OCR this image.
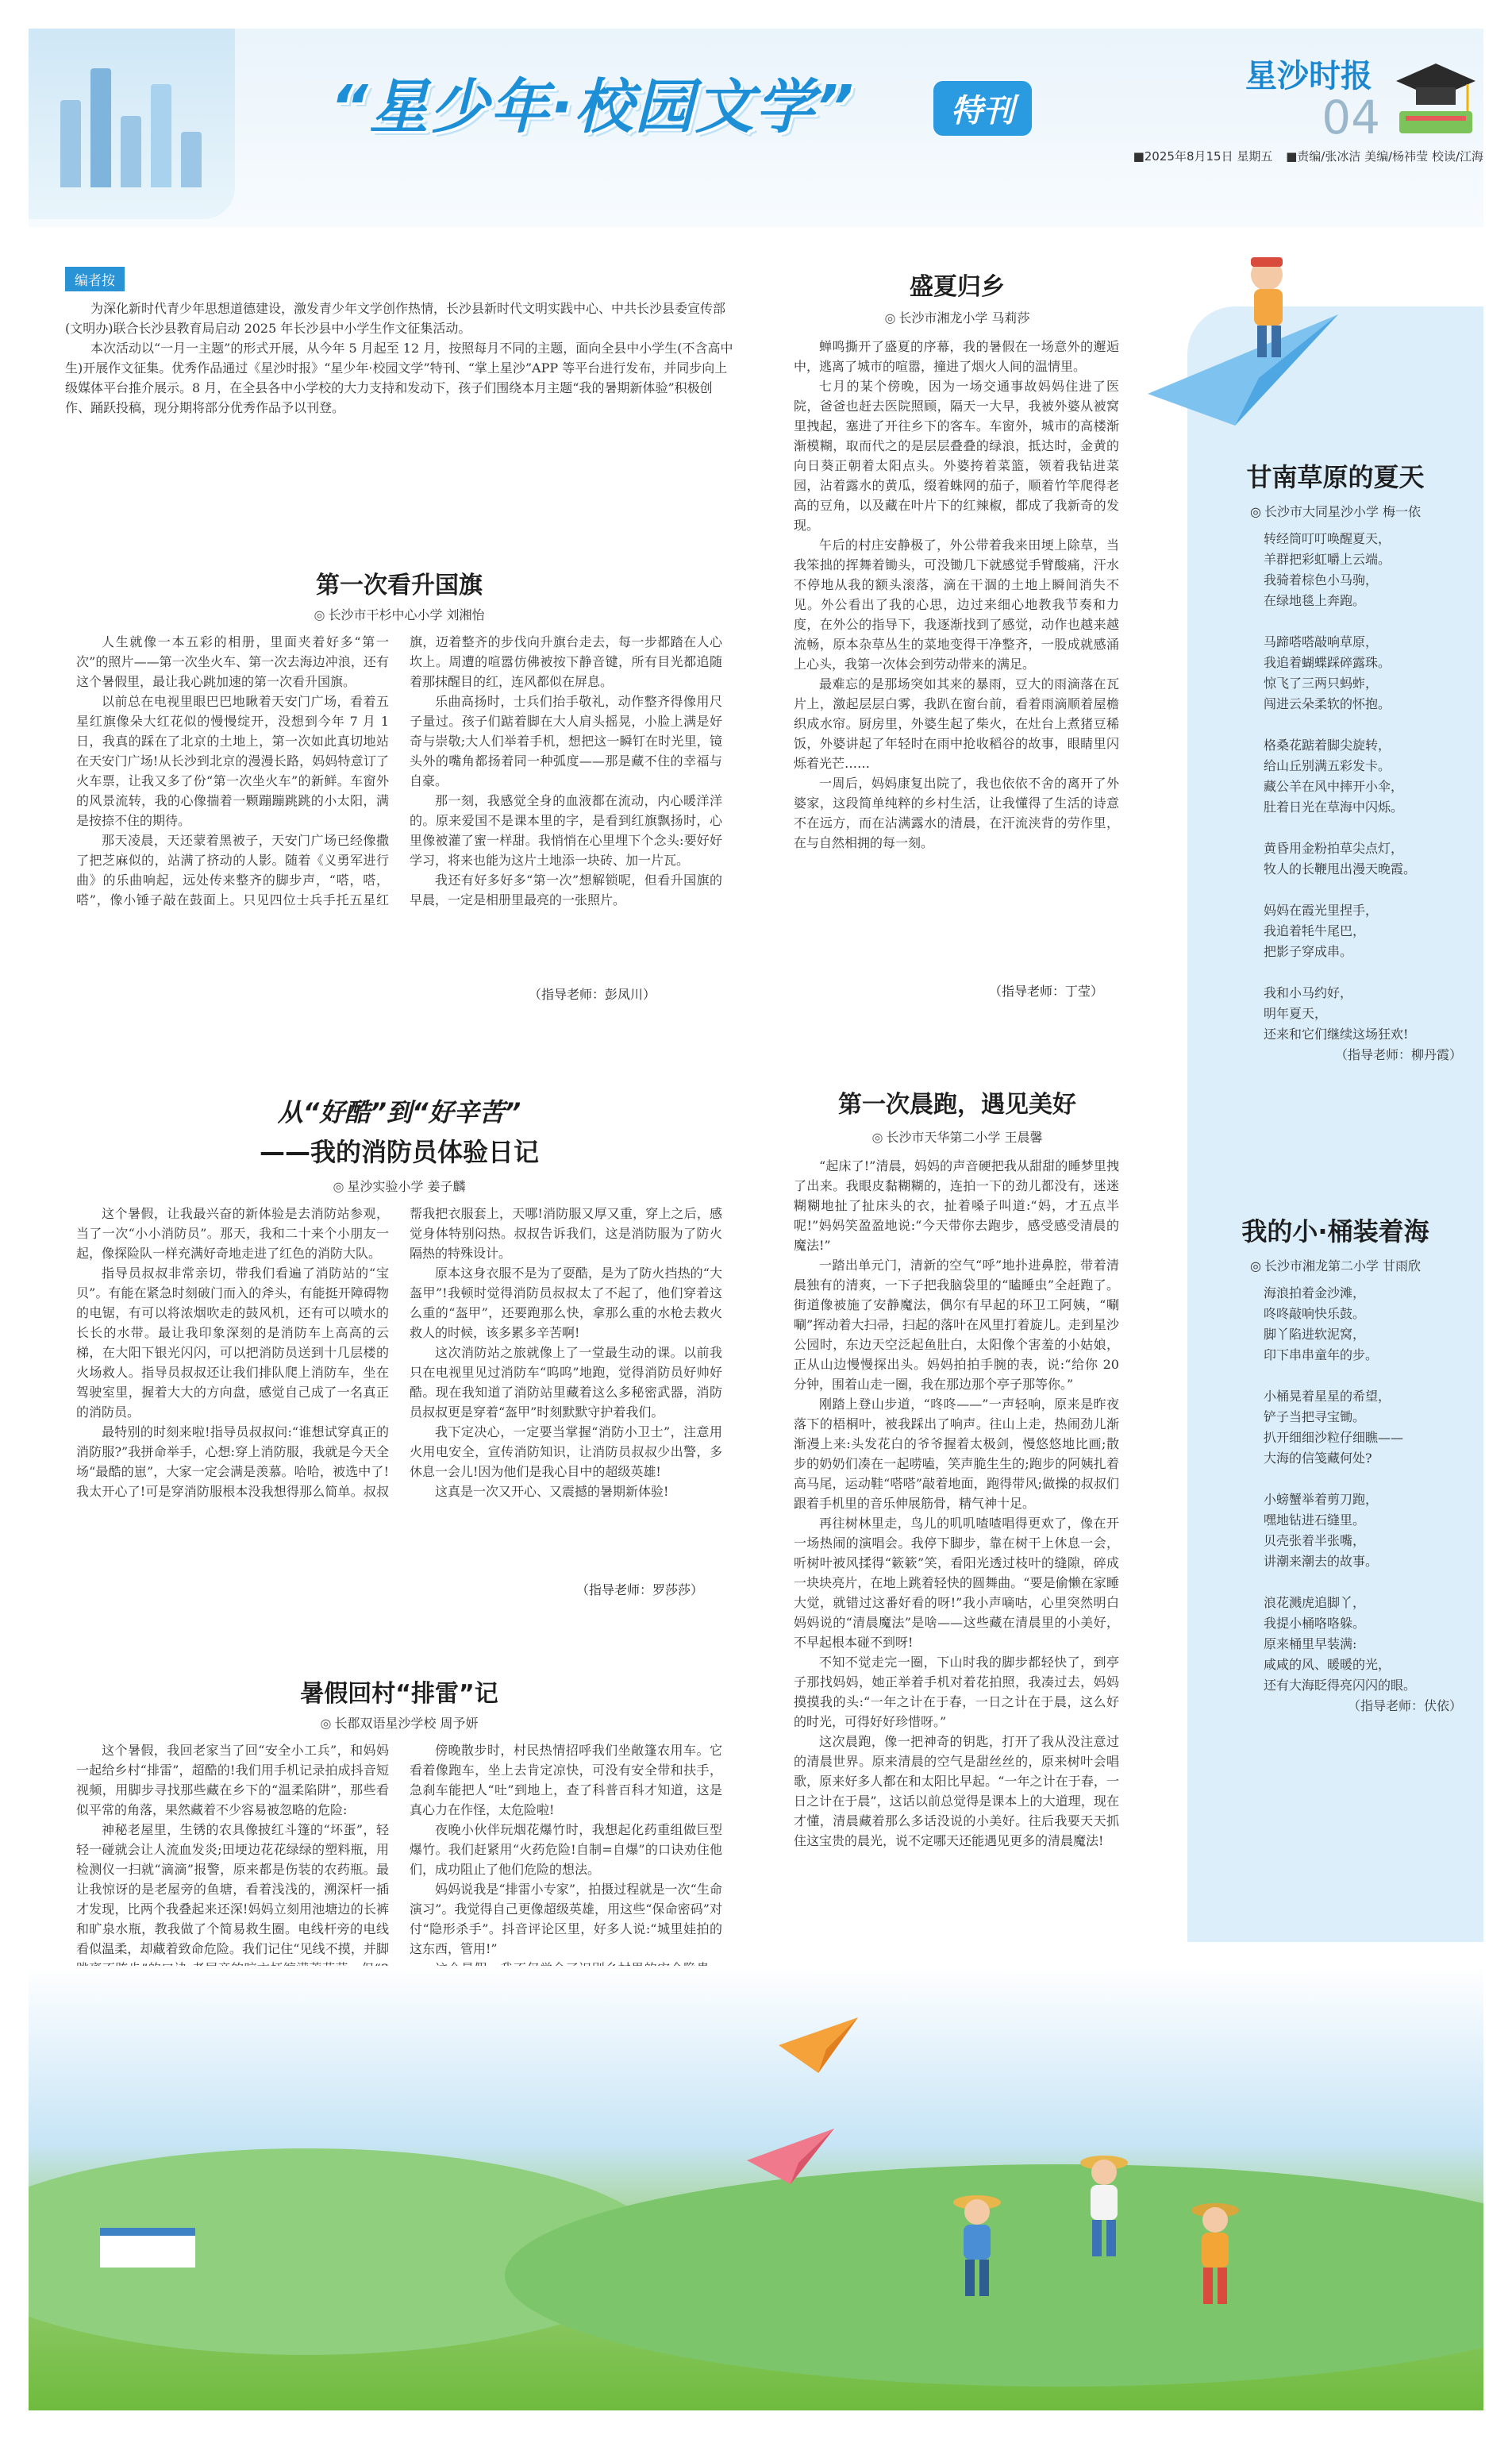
“星少年·校园文学”	特刊
星沙时报
04
■2025年8月15日 星期五 ■责编/张冰洁 美编/杨祎莹 校读/江海
编者按

为深化新时代青少年思想道德建设，激发青少年文学创作热情，长沙县新时代文明实践中心、中共长沙县委宣传部(文明办)联合长沙县教育局启动 2025 年长沙县中小学生作文征集活动。

本次活动以“一月一主题”的形式开展，从今年 5 月起至 12 月，按照每月不同的主题，面向全县中小学生(不含高中生)开展作文征集。优秀作品通过《星沙时报》“星少年·校园文学”特刊、“掌上星沙”APP 等平台进行发布，并同步向上级媒体平台推介展示。8 月，在全县各中小学校的大力支持和发动下，孩子们围绕本月主题“我的暑期新体验”积极创作、踊跃投稿，现分期将部分优秀作品予以刊登。

第一次看升国旗
◎ 长沙市干杉中心小学 刘湘怡

人生就像一本五彩的相册，里面夹着好多“第一次”的照片——第一次坐火车、第一次去海边冲浪，还有这个暑假里，最让我心跳加速的第一次看升国旗。

以前总在电视里眼巴巴地瞅着天安门广场，看着五星红旗像朵大红花似的慢慢绽开，没想到今年 7 月 1 日，我真的踩在了北京的土地上，第一次如此真切地站在天安门广场!从长沙到北京的漫漫长路，妈妈特意订了火车票，让我又多了份“第一次坐火车”的新鲜。车窗外的风景流转，我的心像揣着一颗蹦蹦跳跳的小太阳，满是按捺不住的期待。

那天凌晨，天还蒙着黑被子，天安门广场已经像撒了把芝麻似的，站满了挤动的人影。随着《义勇军进行曲》的乐曲响起，远处传来整齐的脚步声，“嗒，嗒，嗒”，像小锤子敲在鼓面上。只见四位士兵手托五星红旗，迈着整齐的步伐向升旗台走去，每一步都踏在人心坎上。周遭的喧嚣仿佛被按下静音键，所有目光都追随着那抹醒目的红，连风都似在屏息。

乐曲高扬时，士兵们抬手敬礼，动作整齐得像用尺子量过。孩子们踮着脚在大人肩头摇晃，小脸上满是好奇与崇敬;大人们举着手机，想把这一瞬钉在时光里，镜头外的嘴角都扬着同一种弧度——那是藏不住的幸福与自豪。

那一刻，我感觉全身的血液都在流动，内心暖洋洋的。原来爱国不是课本里的字，是看到红旗飘扬时，心里像被灌了蜜一样甜。我悄悄在心里埋下个念头:要好好学习，将来也能为这片土地添一块砖、加一片瓦。

我还有好多好多“第一次”想解锁呢，但看升国旗的早晨，一定是相册里最亮的一张照片。

（指导老师：彭凤川）
从“好酷”到“好辛苦”
——我的消防员体验日记
◎ 星沙实验小学 姜子麟

这个暑假，让我最兴奋的新体验是去消防站参观，当了一次“小小消防员”。那天，我和二十来个小朋友一起，像探险队一样充满好奇地走进了红色的消防大队。

指导员叔叔非常亲切，带我们看遍了消防站的“宝贝”。有能在紧急时刻破门而入的斧头，有能挺开障碍物的电锯，有可以将浓烟吹走的鼓风机，还有可以喷水的长长的水带。最让我印象深刻的是消防车上高高的云梯，在大阳下银光闪闪，可以把消防员送到十几层楼的火场救人。指导员叔叔还让我们排队爬上消防车，坐在驾驶室里，握着大大的方向盘，感觉自己成了一名真正的消防员。

最特别的时刻来啦!指导员叔叔问:“谁想试穿真正的消防服?”我拼命举手，心想:穿上消防服，我就是今天全场“最酷的崽”，大家一定会满是羡慕。哈哈，被选中了!我太开心了!可是穿消防服根本没我想得那么简单。叔叔帮我把衣服套上，天哪!消防服又厚又重，穿上之后，感觉身体特别闷热。叔叔告诉我们，这是消防服为了防火隔热的特殊设计。

原本这身衣服不是为了耍酷，是为了防火挡热的“大盔甲”!我顿时觉得消防员叔叔太了不起了，他们穿着这么重的“盔甲”，还要跑那么快，拿那么重的水枪去救火救人的时候，该多累多辛苦啊!

这次消防站之旅就像上了一堂最生动的课。以前我只在电视里见过消防车“呜呜”地跑，觉得消防员好帅好酷。现在我知道了消防站里藏着这么多秘密武器，消防员叔叔更是穿着“盔甲”时刻默默守护着我们。

我下定决心，一定要当掌握“消防小卫士”，注意用火用电安全，宣传消防知识，让消防员叔叔少出警，多休息一会儿!因为他们是我心目中的超级英雄!

这真是一次又开心、又震撼的暑期新体验!

（指导老师：罗莎莎）
暑假回村“排雷”记
◎ 长郡双语星沙学校 周予妍

这个暑假，我回老家当了回“安全小工兵”，和妈妈一起给乡村“排雷”，超酷的!我们用手机记录拍成抖音短视频，用脚步寻找那些藏在乡下的“温柔陷阱”，那些看似平常的角落，果然藏着不少容易被忽略的危险:

神秘老屋里，生锈的农具像披红斗篷的“坏蛋”，轻轻一碰就会让人流血发炎;田埂边花花绿绿的塑料瓶，用检测仪一扫就“滴滴”报警，原来都是伤装的农药瓶。最让我惊讶的是老屋旁的鱼塘，看着浅浅的，溯深杆一插才发现，比两个我叠起来还深!妈妈立刻用池塘边的长裤和旷泉水瓶，教我做了个简易救生圈。电线杆旁的电线看似温柔，却藏着致命危险。我们记住“见线不摸，并脚

傍晚散步时，村民热情招呼我们坐敞篷农用车。它看着像跑车，坐上去肯定凉快，可没有安全带和扶手，急刹车能把人“吐”到地上，查了科普百科才知道，这是真心力在作怪，太危险啦!

夜晚小伙伴玩烟花爆竹时，我想起化药重组做巨型爆竹。我们赶紧用“火药危险!自制=自爆”的口诀劝住他们，成功阻止了他们危险的想法。

妈妈说我是“排雷小专家”，拍摄过程就是一次“生命演习”。我觉得自己更像超级英雄，用这些“保命密码”对付“隐形杀手”。抖音评论区里，好多人说:“城里娃拍的这东西，管用!”

盛夏归乡
◎ 长沙市湘龙小学 马莉莎

蝉鸣撕开了盛夏的序幕，我的暑假在一场意外的邂逅中，逃离了城市的喧嚣，撞进了烟火人间的温情里。

七月的某个傍晚，因为一场交通事故妈妈住进了医院，爸爸也赶去医院照顾，隔天一大早，我被外婆从被窝里拽起，塞进了开往乡下的客车。车窗外，城市的高楼渐渐模糊，取而代之的是层层叠叠的绿浪，抵达时，金黄的向日葵正朝着太阳点头。外婆挎着菜篮，领着我钻进菜园，沾着露水的黄瓜，缀着蛛网的茄子，顺着竹竿爬得老高的豆角，以及藏在叶片下的红辣椒，都成了我新奇的发现。

午后的村庄安静极了，外公带着我来田埂上除草，当我笨拙的挥舞着锄头，可没锄几下就感觉手臂酸痛，汗水不停地从我的额头滚落，滴在干涸的土地上瞬间消失不见。外公看出了我的心思，边过来细心地教我节奏和力度，在外公的指导下，我逐渐找到了感觉，动作也越来越流畅，原本杂草丛生的菜地变得干净整齐，一股成就感涌上心头，我第一次体会到劳动带来的满足。

最难忘的是那场突如其来的暴雨，豆大的雨滴落在瓦片上，激起层层白雾，我趴在窗台前，看着雨滴顺着屋檐织成水帘。厨房里，外婆生起了柴火，在灶台上煮猪豆稀饭，外婆讲起了年轻时在雨中抢收稻谷的故事，眼睛里闪烁着光芒……

一周后，妈妈康复出院了，我也依依不舍的离开了外婆家，这段简单纯粹的乡村生活，让我懂得了生活的诗意不在远方，而在沾满露水的清晨，在汗流浃背的劳作里，在与自然相拥的每一刻。

（指导老师：丁莹）
第一次晨跑，遇见美好
◎ 长沙市天华第二小学 王晨馨

“起床了!”清晨，妈妈的声音硬把我从甜甜的睡梦里拽了出来。我眼皮黏糊糊的，连拍一下的劲儿都没有，迷迷糊糊地扯了扯床头的衣，扯着嗓子叫道:“妈，才五点半呢!”妈妈笑盈盈地说:“今天带你去跑步，感受感受清晨的魔法!”

一踏出单元门，清新的空气“呼”地扑进鼻腔，带着清晨独有的清爽，一下子把我脑袋里的“瞌睡虫”全赶跑了。街道像被施了安静魔法，偶尔有早起的环卫工阿姨，“唰唰”挥动着大扫帚，扫起的落叶在风里打着旋儿。走到星沙公园时，东边天空泛起鱼肚白，太阳像个害羞的小姑娘，正从山边慢慢探出头。妈妈拍拍手腕的表，说:“给你 20 分钟，围着山走一圈，我在那边那个亭子那等你。”

刚踏上登山步道，“咚咚——”一声轻响，原来是昨夜落下的梧桐叶，被我踩出了响声。往山上走，热闹劲儿渐渐漫上来:头发花白的爷爷握着太极剑，慢悠悠地比画;散步的奶奶们凑在一起唠嗑，笑声脆生生的;跑步的阿姨扎着高马尾，运动鞋“嗒嗒”敲着地面，跑得带风;做操的叔叔们跟着手机里的音乐伸展筋骨，精气神十足。

再往树林里走，鸟儿的叽叽喳喳唱得更欢了，像在开一场热闹的演唱会。我停下脚步，靠在树干上休息一会，听树叶被风揉得“簌簌”笑，看阳光透过枝叶的缝隙，碎成一块块亮片，在地上跳着轻快的圆舞曲。“要是偷懒在家睡大觉，就错过这番好看的呀!”我小声嘀咕，心里突然明白妈妈说的“清晨魔法”是啥——这些藏在清晨里的小美好，不早起根本碰不到呀!

不知不觉走完一圈，下山时我的脚步都轻快了，到亭子那找妈妈，她正举着手机对着花拍照，我凑过去，妈妈摸摸我的头:“一年之计在于春，一日之计在于晨，这么好的时光，可得好好珍惜呀。”

这次晨跑，像一把神奇的钥匙，打开了我从没注意过的清晨世界。原来清晨的空气是甜丝丝的，原来树叶会唱歌，原来好多人都在和太阳比早起。“一年之计在于春，一日之计在于晨”，这话以前总觉得是课本上的大道理，现在才懂，清晨藏着那么多话没说的小美好。往后我要天天抓住这宝贵的晨光，说不定哪天还能遇见更多的清晨魔法!

甘南草原的夏天
◎ 长沙市大同星沙小学 梅一依
转经筒叮叮唤醒夏天，
羊群把彩虹嚼上云端。
我骑着棕色小马驹，
在绿地毯上奔跑。
马蹄嗒嗒敲响草原，
我追着蝴蝶踩碎露珠。
惊飞了三两只蚂蚱，
闯进云朵柔软的怀抱。
格桑花踮着脚尖旋转，
给山丘别满五彩发卡。
藏公羊在风中摔开小伞，
肚着日光在草海中闪烁。
黄昏用金粉拍草尖点灯，
牧人的长鞭甩出漫天晚霞。
妈妈在霞光里捏手，
我追着牦牛尾巴，
把影子穿成串。
我和小马约好，
明年夏天，
还来和它们继续这场狂欢!
（指导老师：柳丹霞）
我的小·桶装着海
◎ 长沙市湘龙第二小学 甘雨欣
海浪拍着金沙滩，
咚咚敲响快乐鼓。
脚丫陷进软泥窝，
印下串串童年的步。
小桶晃着星星的希望，
铲子当把寻宝锄。
扒开细细沙粒仔细瞧——
大海的信笺藏何处?
小螃蟹举着剪刀跑，
嘿地钻进石缝里。
贝壳张着半张嘴，
讲潮来潮去的故事。
浪花溅虎追脚丫，
我提小桶咯咯躲。
原来桶里早装满:
咸咸的风、暖暖的光，
还有大海眨得亮闪闪的眼。
（指导老师：伏依）
